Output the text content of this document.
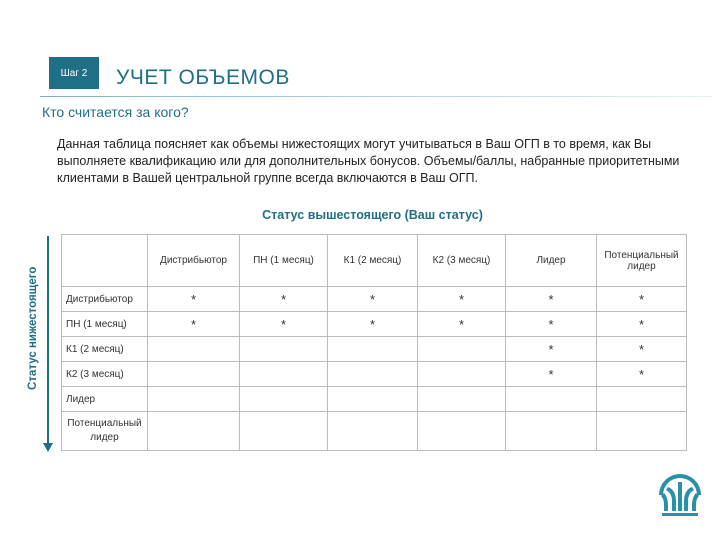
Шаг 2	УЧЕТ ОБЪЕМОВ
Кто считается за кого?
Данная таблица поясняет как объемы нижестоящих могут учитываться в Ваш ОГП в то время, как Вы выполняете квалификацию или для дополнительных бонусов. Объемы/баллы, набранные приоритетными клиентами в Вашей центральной группе всегда включаются в Ваш ОГП.
Статус вышестоящего (Ваш статус)
Статус нижестоящего
	Дистрибьютор	ПН (1 месяц)	К1 (2 месяц)	К2 (3 месяц)	Лидер	Потенциальный лидер
Дистрибьютор	*	*	*	*	*	*
ПН (1 месяц)	*	*	*	*	*	*
К1 (2 месяц)					*	*
К2 (3 месяц)					*	*
Лидер						
Потенциальный лидер						
